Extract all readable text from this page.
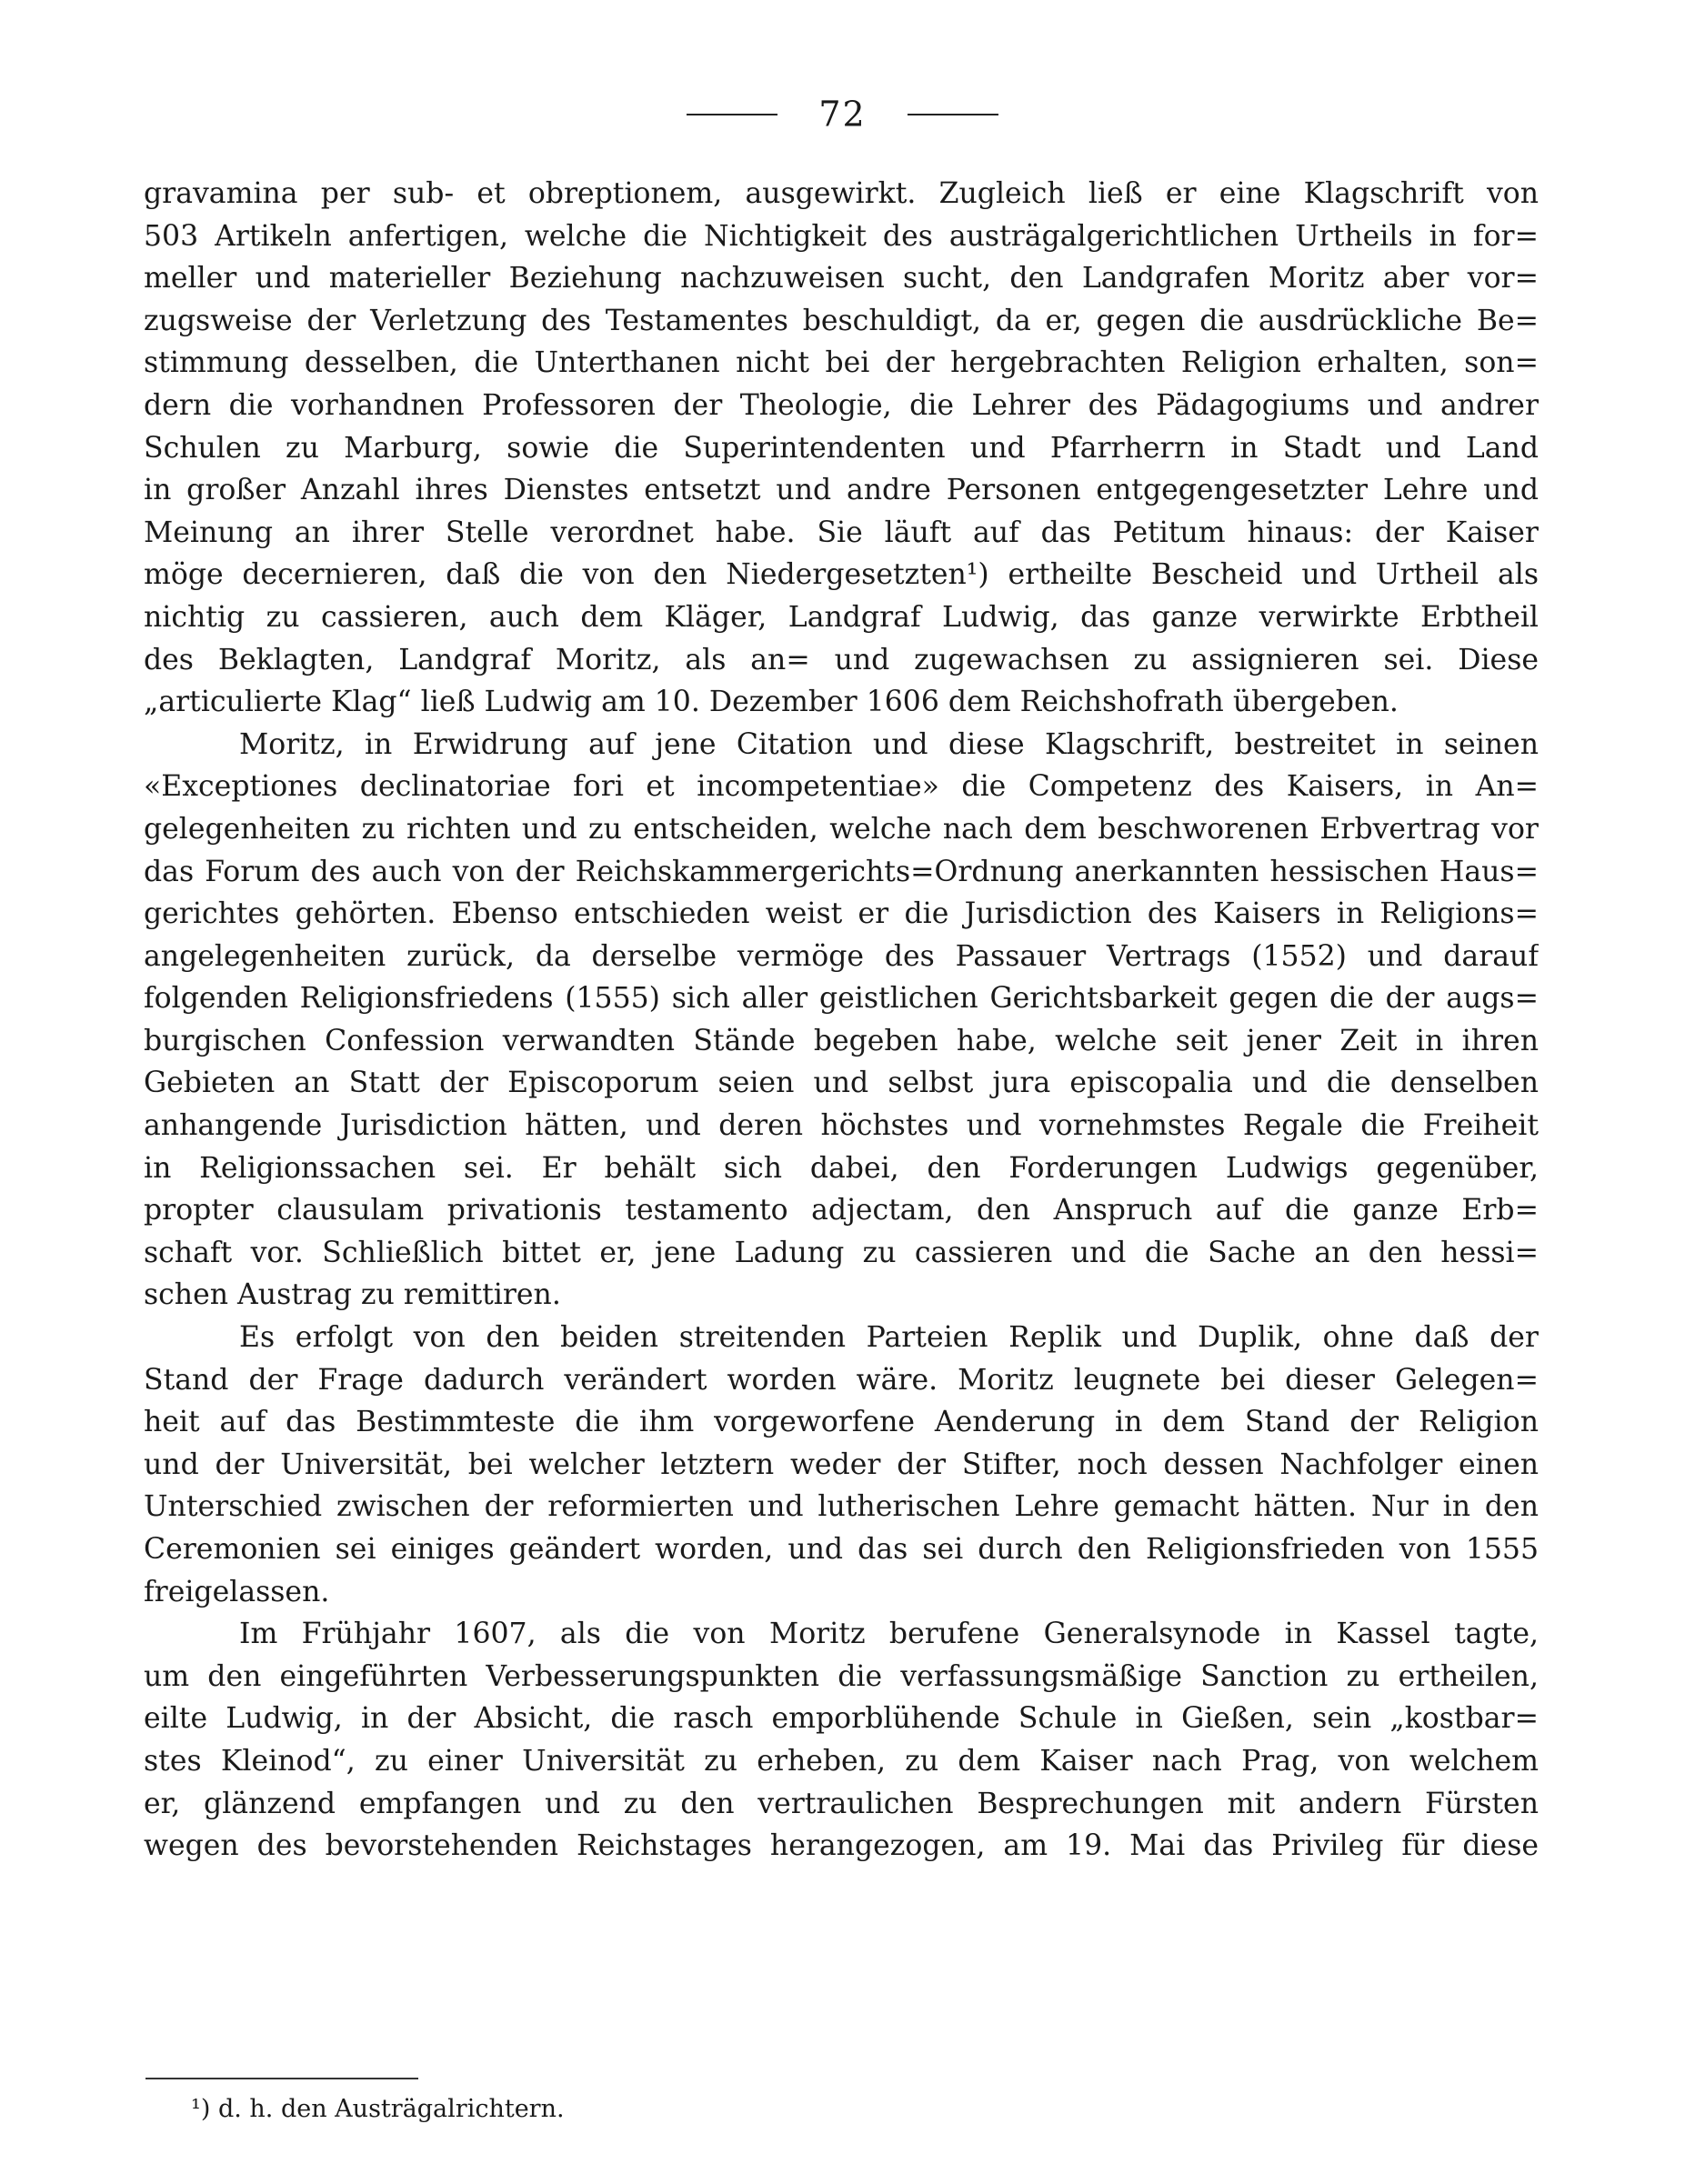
72
gravamina per sub- et obreptionem, ausgewirkt. Zugleich ließ er eine Klagschrift von
503 Artikeln anfertigen, welche die Nichtigkeit des austrägalgerichtlichen Urtheils in for=
meller und materieller Beziehung nachzuweisen sucht, den Landgrafen Moritz aber vor=
zugsweise der Verletzung des Testamentes beschuldigt, da er, gegen die ausdrückliche Be=
stimmung desselben, die Unterthanen nicht bei der hergebrachten Religion erhalten, son=
dern die vorhandnen Professoren der Theologie, die Lehrer des Pädagogiums und andrer
Schulen zu Marburg, sowie die Superintendenten und Pfarrherrn in Stadt und Land
in großer Anzahl ihres Dienstes entsetzt und andre Personen entgegengesetzter Lehre und
Meinung an ihrer Stelle verordnet habe. Sie läuft auf das Petitum hinaus: der Kaiser
möge decernieren, daß die von den Niedergesetzten¹) ertheilte Bescheid und Urtheil als
nichtig zu cassieren, auch dem Kläger, Landgraf Ludwig, das ganze verwirkte Erbtheil
des Beklagten, Landgraf Moritz, als an= und zugewachsen zu assignieren sei. Diese
„articulierte Klag“ ließ Ludwig am 10. Dezember 1606 dem Reichshofrath übergeben.
Moritz, in Erwidrung auf jene Citation und diese Klagschrift, bestreitet in seinen
«Exceptiones declinatoriae fori et incompetentiae» die Competenz des Kaisers, in An=
gelegenheiten zu richten und zu entscheiden, welche nach dem beschworenen Erbvertrag vor
das Forum des auch von der Reichskammergerichts=Ordnung anerkannten hessischen Haus=
gerichtes gehörten. Ebenso entschieden weist er die Jurisdiction des Kaisers in Religions=
angelegenheiten zurück, da derselbe vermöge des Passauer Vertrags (1552) und darauf
folgenden Religionsfriedens (1555) sich aller geistlichen Gerichtsbarkeit gegen die der augs=
burgischen Confession verwandten Stände begeben habe, welche seit jener Zeit in ihren
Gebieten an Statt der Episcoporum seien und selbst jura episcopalia und die denselben
anhangende Jurisdiction hätten, und deren höchstes und vornehmstes Regale die Freiheit
in Religionssachen sei. Er behält sich dabei, den Forderungen Ludwigs gegenüber,
propter clausulam privationis testamento adjectam, den Anspruch auf die ganze Erb=
schaft vor. Schließlich bittet er, jene Ladung zu cassieren und die Sache an den hessi=
schen Austrag zu remittiren.
Es erfolgt von den beiden streitenden Parteien Replik und Duplik, ohne daß der
Stand der Frage dadurch verändert worden wäre. Moritz leugnete bei dieser Gelegen=
heit auf das Bestimmteste die ihm vorgeworfene Aenderung in dem Stand der Religion
und der Universität, bei welcher letztern weder der Stifter, noch dessen Nachfolger einen
Unterschied zwischen der reformierten und lutherischen Lehre gemacht hätten. Nur in den
Ceremonien sei einiges geändert worden, und das sei durch den Religionsfrieden von 1555
freigelassen.
Im Frühjahr 1607, als die von Moritz berufene Generalsynode in Kassel tagte,
um den eingeführten Verbesserungspunkten die verfassungsmäßige Sanction zu ertheilen,
eilte Ludwig, in der Absicht, die rasch emporblühende Schule in Gießen, sein „kostbar=
stes Kleinod“, zu einer Universität zu erheben, zu dem Kaiser nach Prag, von welchem
er, glänzend empfangen und zu den vertraulichen Besprechungen mit andern Fürsten
wegen des bevorstehenden Reichstages herangezogen, am 19. Mai das Privileg für diese
¹) d. h. den Austrägalrichtern.
